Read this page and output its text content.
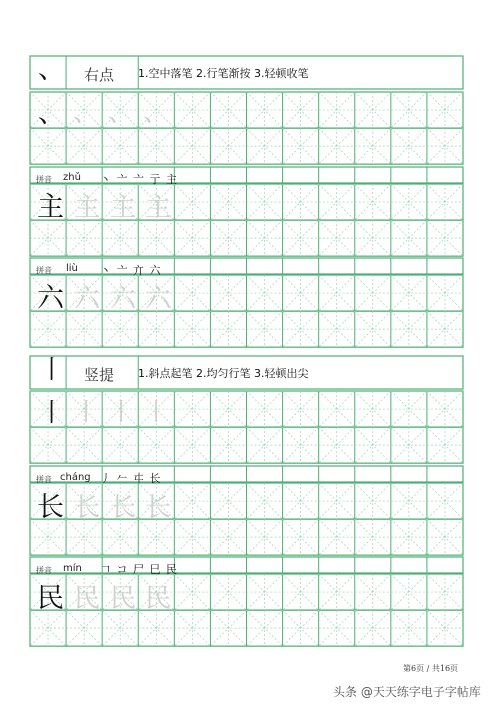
、 右点 1.空中落笔 2.行笔渐按 3.轻顿收笔
、 、 、 、
拼音 zhǔ 丶 亠 亠 亍 主
主 主 主 主
拼音 liù 丶 亠 亣 六
六 六 六 六
〡 竖提 1.斜点起笔 2.均匀行笔 3.轻顿出尖
〡 〡 〡 〡
拼音 cháng 丿 𠂉 㐄 长
长 长 长 长
拼音 mín 𠃍 コ 尸 巳 民
民 民 民 民
第6页 / 共16页
头条 @天天练字电子字帖库
